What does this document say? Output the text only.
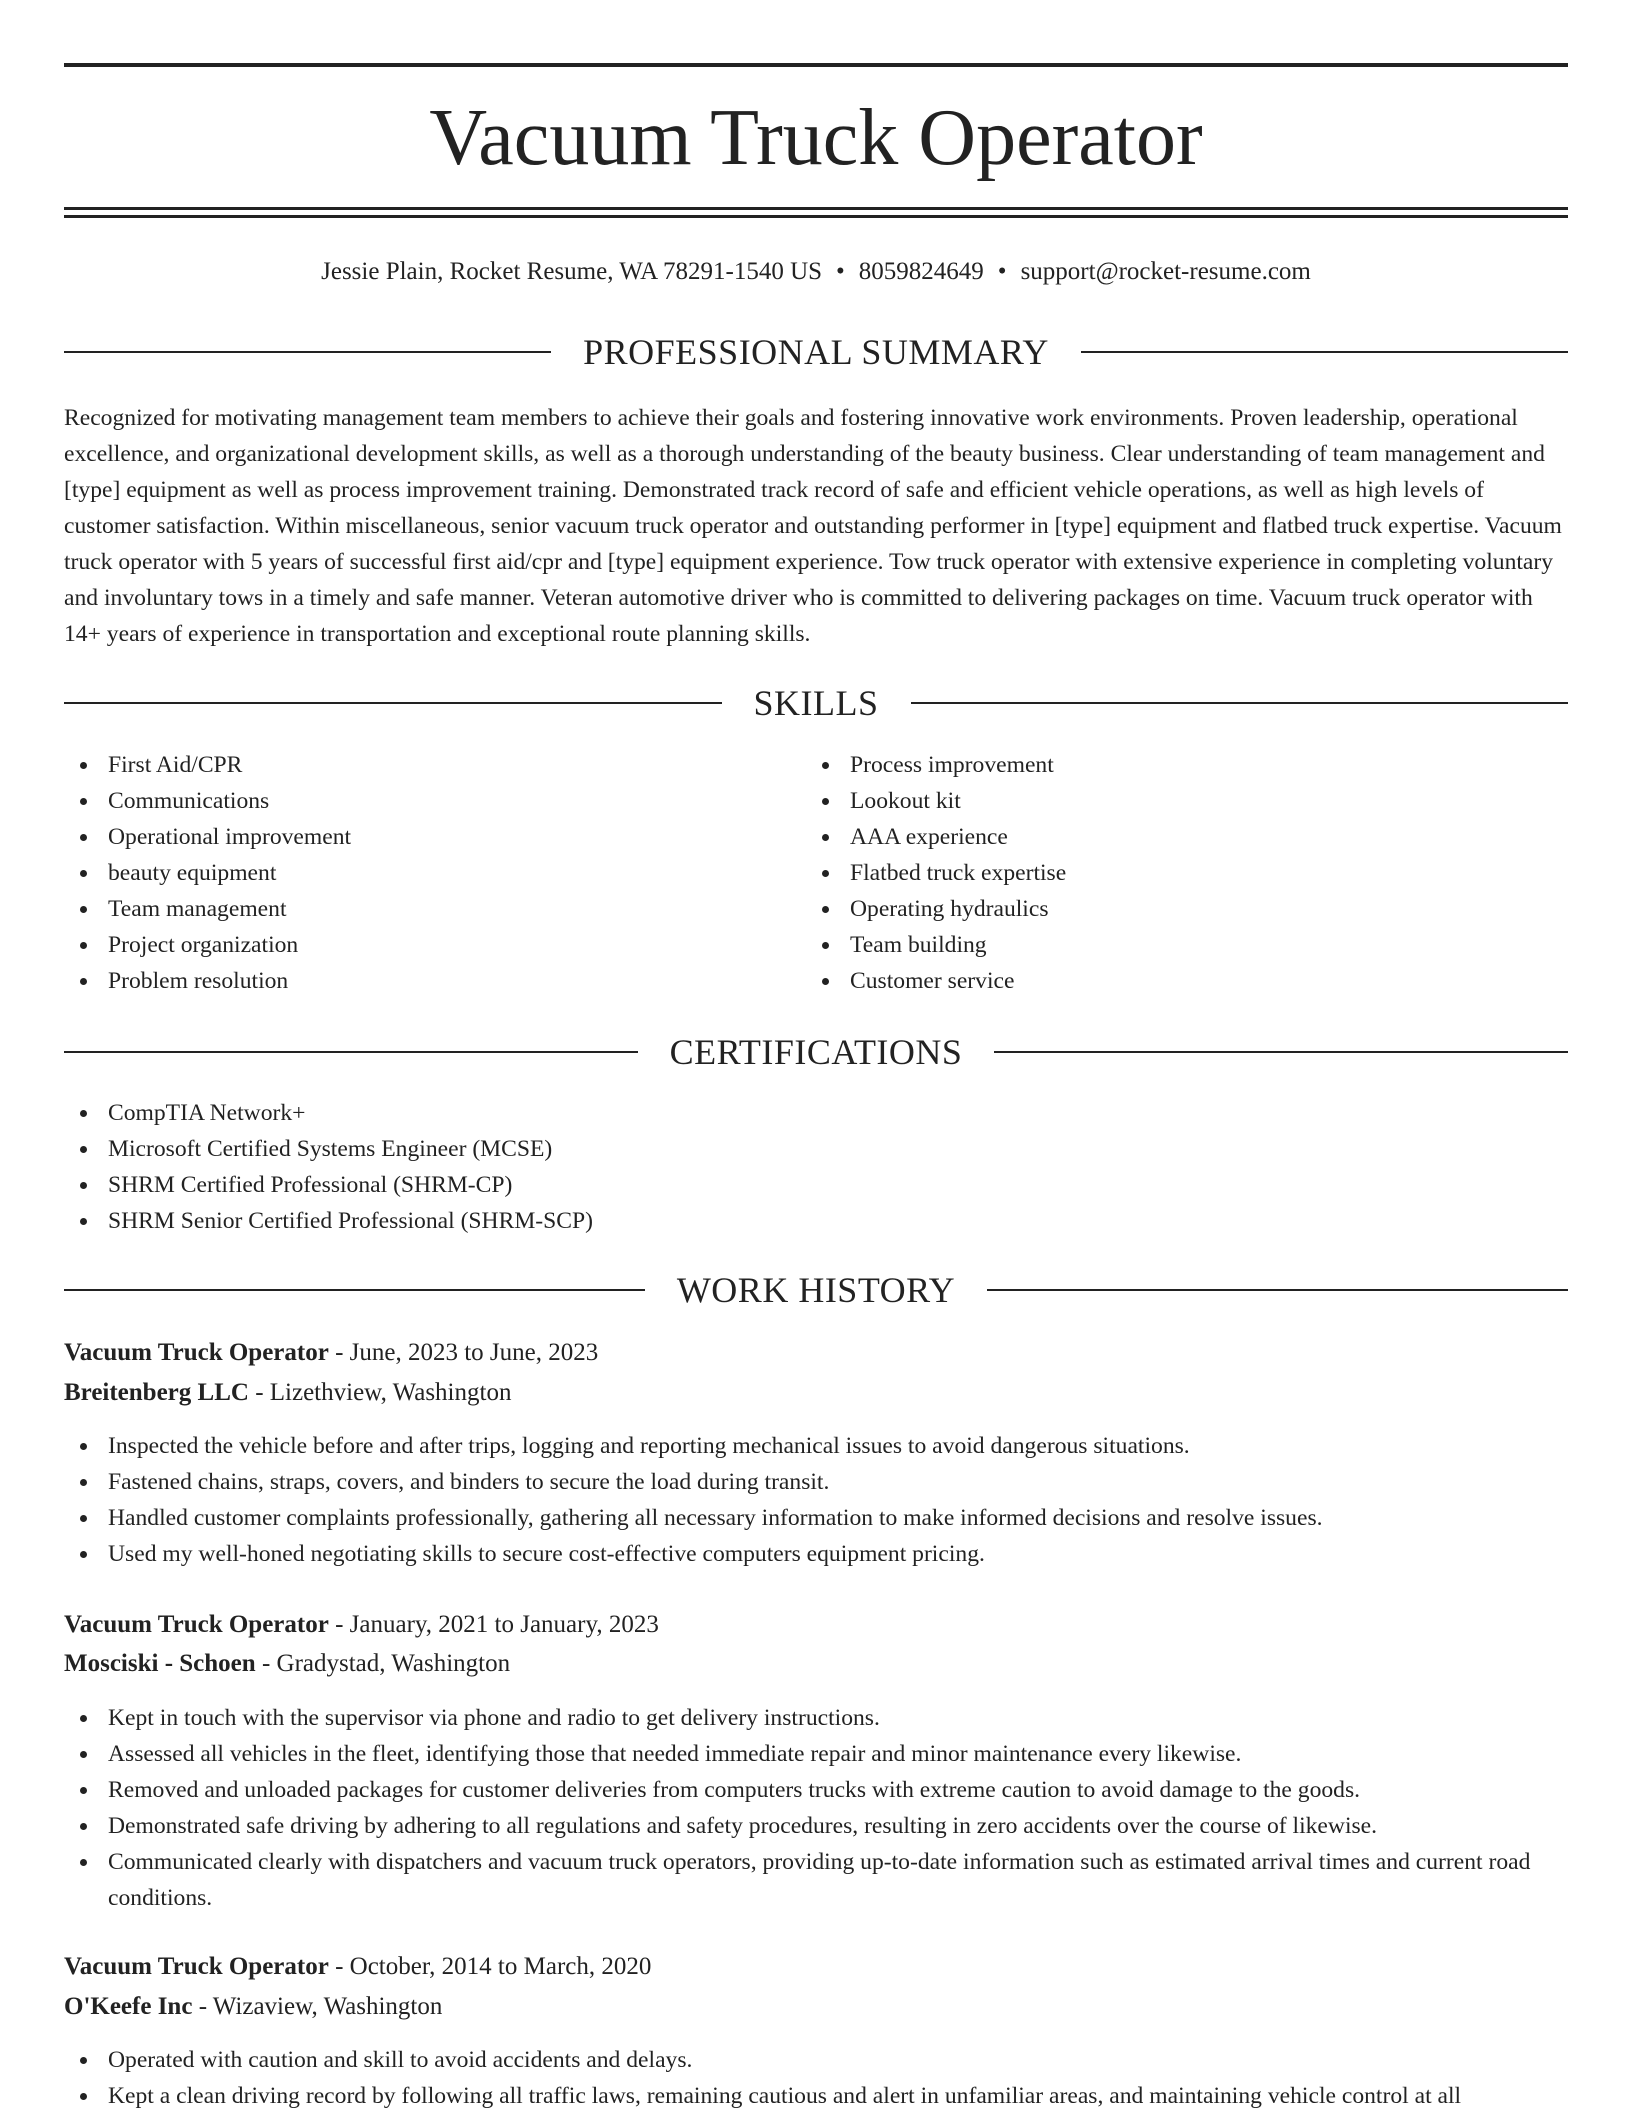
Vacuum Truck Operator
Jessie Plain, Rocket Resume, WA 78291-1540 US • 8059824649 • support@rocket-resume.com
PROFESSIONAL SUMMARY

Recognized for motivating management team members to achieve their goals and fostering innovative work environments. Proven leadership, operational excellence, and organizational development skills, as well as a thorough understanding of the beauty business. Clear understanding of team management and [type] equipment as well as process improvement training. Demonstrated track record of safe and efficient vehicle operations, as well as high levels of customer satisfaction. Within miscellaneous, senior vacuum truck operator and outstanding performer in [type] equipment and flatbed truck expertise. Vacuum truck operator with 5 years of successful first aid/cpr and [type] equipment experience. Tow truck operator with extensive experience in completing voluntary and involuntary tows in a timely and safe manner. Veteran automotive driver who is committed to delivering packages on time. Vacuum truck operator with 14+ years of experience in transportation and exceptional route planning skills.

SKILLS
First Aid/CPR
Communications
Operational improvement
beauty equipment
Team management
Project organization
Problem resolution
Process improvement
Lookout kit
AAA experience
Flatbed truck expertise
Operating hydraulics
Team building
Customer service
CERTIFICATIONS
CompTIA Network+
Microsoft Certified Systems Engineer (MCSE)
SHRM Certified Professional (SHRM-CP)
SHRM Senior Certified Professional (SHRM-SCP)
WORK HISTORY
Vacuum Truck Operator - June, 2023 to June, 2023
Breitenberg LLC - Lizethview, Washington
Inspected the vehicle before and after trips, logging and reporting mechanical issues to avoid dangerous situations.
Fastened chains, straps, covers, and binders to secure the load during transit.
Handled customer complaints professionally, gathering all necessary information to make informed decisions and resolve issues.
Used my well-honed negotiating skills to secure cost-effective computers equipment pricing.
Vacuum Truck Operator - January, 2021 to January, 2023
Mosciski - Schoen - Gradystad, Washington
Kept in touch with the supervisor via phone and radio to get delivery instructions.
Assessed all vehicles in the fleet, identifying those that needed immediate repair and minor maintenance every likewise.
Removed and unloaded packages for customer deliveries from computers trucks with extreme caution to avoid damage to the goods.
Demonstrated safe driving by adhering to all regulations and safety procedures, resulting in zero accidents over the course of likewise.
Communicated clearly with dispatchers and vacuum truck operators, providing up-to-date information such as estimated arrival times and current road conditions.
Vacuum Truck Operator - October, 2014 to March, 2020
O'Keefe Inc - Wizaview, Washington
Operated with caution and skill to avoid accidents and delays.
Kept a clean driving record by following all traffic laws, remaining cautious and alert in unfamiliar areas, and maintaining vehicle control at all
